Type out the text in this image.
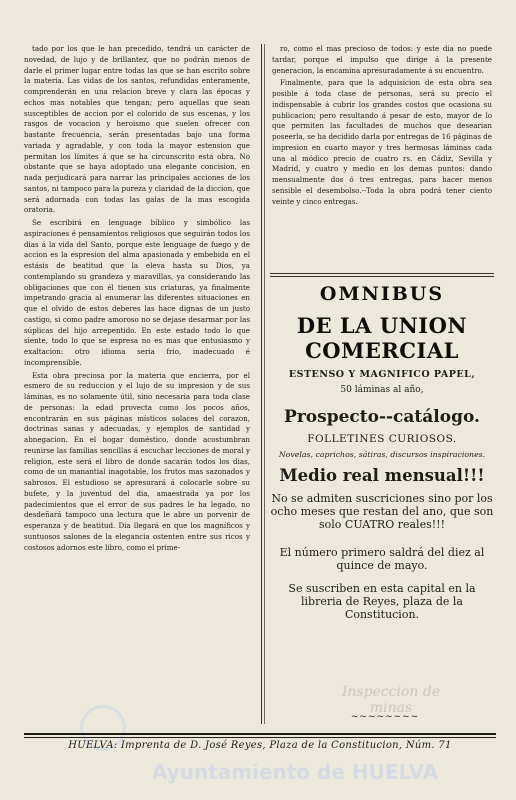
tado por los que le han precedido, tendrá un carácter de novedad, de lujo y de brillantez, que no podrán menos de darle el primer lugar entre todas las que se han escrito sobre la materia. Las vidas de los santos, refundidas enteramente, comprenderán en una relacion breve y clara las épocas y echos mas notables que tengan; pero aquellas que sean susceptibles de accion por el colorido de sus escenas, y los rasgos de vocacion y heroismo que suelen ofrecer con bastante frecuencia, serán presentadas bajo una forma variada y agradable, y con toda la mayor estension que permitan los límites á que se ha circunscrito esta obra. No obstante que se haya adoptado una elegante concision, en nada perjudicará para narrar las principales acciones de los santos, ni tampoco para la pureza y claridad de la diccion, que será adornada con todas las galas de la mas escogida oratoria.

Se escribirá en lenguage bíblico y simbólico las aspiraciones é pensamientos religiosos que seguirán todos los dias á la vida del Santo, porque este lenguage de fuego y de accion es la espresion del alma apasionada y embebida en el estásis de beatitud que la eleva hasta su Dios, ya contemplando su grandeza y maravillas, ya considerando las obligaciones que con él tienen sus criaturas, ya finalmente impetrando gracia al enumerar las diferentes situaciones en que el olvido de estos deberes las hace dignas de un justo castigo, si como padre amoroso no se dejase desarmar por las súplicas del hijo arrepentido. En este estado todo lo que siente, todo lo que se espresa no es mas que entusiasmo y exaltacion: otro idioma seria frio, inadecuado é incomprensible.

Esta obra preciosa por la materia que encierra, por el esmero de su reduccion y el lujo de su impresion y de sus láminas, es no solamente útil, sino necesaria para toda clase de personas: la edad provecta como los pocos años, encontrarán en sus páginas místicos solaces del corazon, doctrinas sanas y adecuadas, y ejemplos de santidad y abnegacion. En el hogar doméstico, donde acostumbran reunirse las familias sencillas á escuchar lecciones de moral y religion, este será el libro de donde sacarán todos los dias, como de un manantial inagotable, los frutos mas sazonados y sabrosos. El estudioso se apresurará á colocarle sobre su bufete, y la juventud del dia, amaestrada ya por los padecimientos que el error de sus padres le ha legado, no desdeñará tampoco una lectura que le abre un porvenir de esperanza y de beatitud. Dia llegará en que los magníficos y suntuosos salones de la elegancia ostenten entre sus ricos y costosos adornos este libro, como el prime-

ro, como el mas precioso de todos: y este dia no puede tardar, porque el impulso que dirige á la presente generacion, la encamina apresuradamente á su encuentro.

Finalmente, para que la adquisicion de esta obra sea posible á toda clase de personas, será su precio el indispensable á cubrir los grandes costos que ocasiona su publicacion; pero resultando á pesar de esto, mayor de lo que permiten las facultades de muchos que desearian poseerla, se ha decidido darla por entregas de 16 páginas de impresion en cuarto mayor y tres hermosas láminas cada una al módico precio de cuatro rs. en Cádiz, Sevilla y Madrid, y cuatro y medio en los demas puntos: dando mensualmente dos ó tres entregas, para hacer menos sensible el desembolso.--Toda la obra podrá tener ciento veinte y cinco entregas.

OMNIBUS
DE LA UNION COMERCIAL
ESTENSO Y MAGNIFICO PAPEL,
50 láminas al año,
Prospecto--catálogo.
FOLLETINES CURIOSOS.
Novelas, caprichos, sátiras, discursos inspiraciones.
Medio real mensual!!!
No se admiten suscriciones sino por los ocho meses que restan del ano, que son solo CUATRO reales!!!
El número primero saldrá del diez al quince de mayo.
Se suscriben en esta capital en la libreria de Reyes, plaza de la Constitucion.
Inspeccion de minas
~~~~~~~~
HUELVA: Imprenta de D. José Reyes, Plaza de la Constitucion, Núm. 71
Ayuntamiento de HUELVA
